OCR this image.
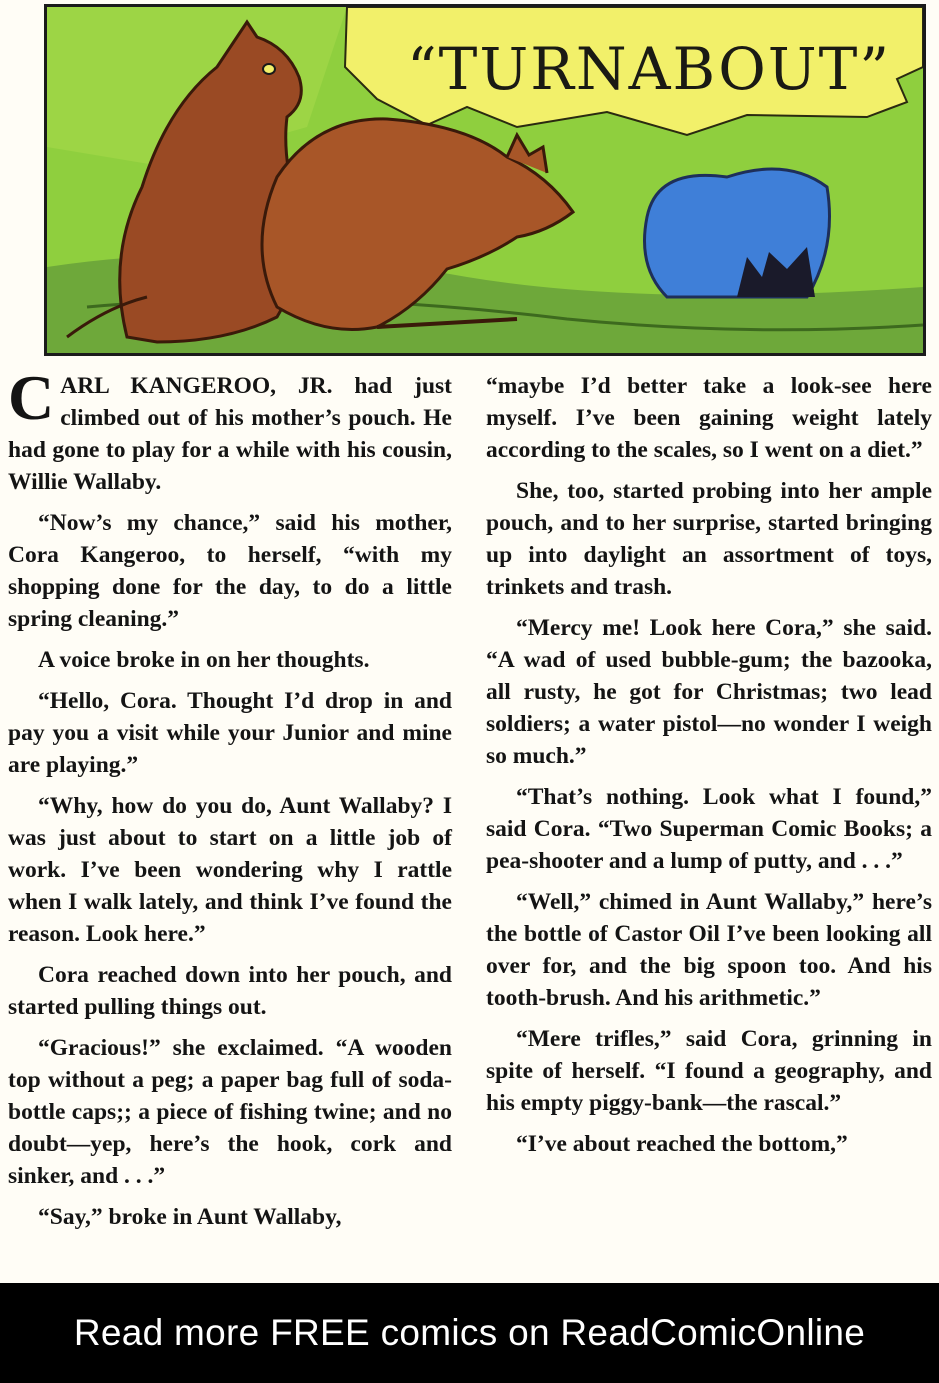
“TURNABOUT”

CARL KANGEROO, JR. had just climbed out of his mother’s pouch. He had gone to play for a while with his cousin, Willie Wallaby.

“Now’s my chance,” said his mother, Cora Kangeroo, to herself, “with my shopping done for the day, to do a little spring cleaning.”

A voice broke in on her thoughts.

“Hello, Cora. Thought I’d drop in and pay you a visit while your Junior and mine are playing.”

“Why, how do you do, Aunt Wallaby? I was just about to start on a little job of work. I’ve been wondering why I rattle when I walk lately, and think I’ve found the reason. Look here.”

Cora reached down into her pouch, and started pulling things out.

“Gracious!” she exclaimed. “A wooden top without a peg; a paper bag full of soda-bottle caps;; a piece of fishing twine; and no doubt—yep, here’s the hook, cork and sinker, and . . .”

“Say,” broke in Aunt Wallaby,

“maybe I’d better take a look-see here myself. I’ve been gaining weight lately according to the scales, so I went on a diet.”

She, too, started probing into her ample pouch, and to her surprise, started bringing up into daylight an assortment of toys, trinkets and trash.

“Mercy me! Look here Cora,” she said. “A wad of used bubble-gum; the bazooka, all rusty, he got for Christmas; two lead soldiers; a water pistol—no wonder I weigh so much.”

“That’s nothing. Look what I found,” said Cora. “Two Superman Comic Books; a pea-shooter and a lump of putty, and . . .”

“Well,” chimed in Aunt Wallaby,” here’s the bottle of Castor Oil I’ve been looking all over for, and the big spoon too. And his tooth-brush. And his arithmetic.”

“Mere trifles,” said Cora, grinning in spite of herself. “I found a geography, and his empty piggy-bank—the rascal.”

“I’ve about reached the bottom,”

Read more FREE comics on ReadComicOnline
